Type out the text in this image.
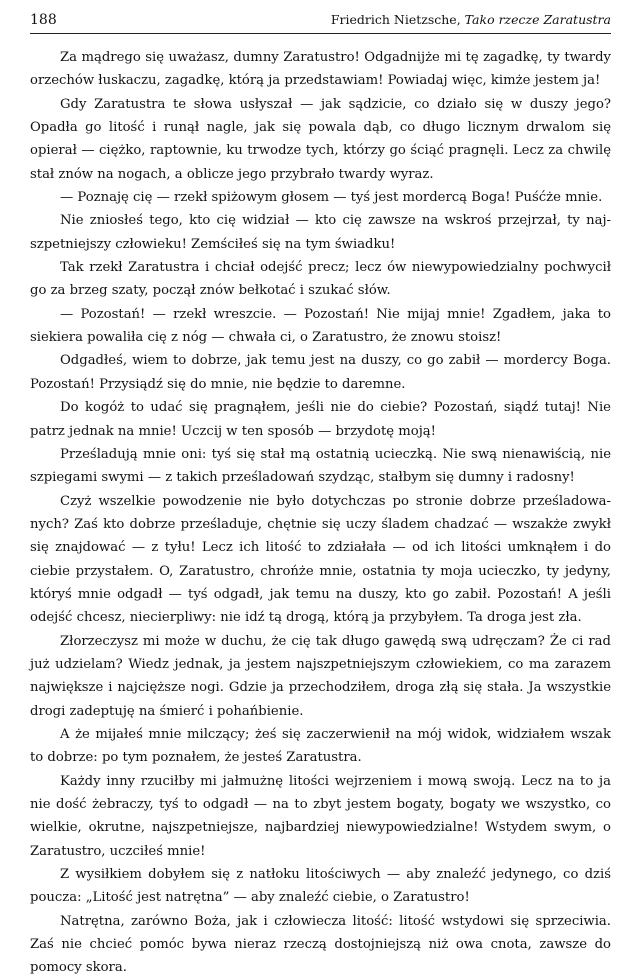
188	Friedrich Nietzsche, Tako rzecze Zaratustra

Za mądrego się uważasz, dumny Zaratustro! Odgadnijże mi tę zagadkę, ty twardy orzechów łuskaczu, zagadkę, którą ja przedstawiam! Powiadaj więc, kimże jestem ja!

Gdy Zaratustra te słowa usłyszał — jak sądzicie, co działo się w duszy jego? Opadła go litość i runął nagle, jak się powala dąb, co długo licznym drwalom się opierał — ciężko, raptownie, ku trwodze tych, którzy go ściąć pragnęli. Lecz za chwilę stał znów na nogach, a oblicze jego przybrało twardy wyraz.

— Poznaję cię — rzekł spiżowym głosem — tyś jest mordercą Boga! Puśćże mnie.

Nie zniosłeś tego, kto cię widział — kto cię zawsze na wskroś przejrzał, ty najszpetniejszy człowieku! Zemściłeś się na tym świadku!

Tak rzekł Zaratustra i chciał odejść precz; lecz ów niewypowiedzialny pochwycił go za brzeg szaty, począł znów bełkotać i szukać słów.

— Pozostań! — rzekł wreszcie. — Pozostań! Nie mijaj mnie! Zgadłem, jaka to siekiera powaliła cię z nóg — chwała ci, o Zaratustro, że znowu stoisz!

Odgadłeś, wiem to dobrze, jak temu jest na duszy, co go zabił — mordercy Boga. Pozostań! Przysiądź się do mnie, nie będzie to daremne.

Do kogóż to udać się pragnąłem, jeśli nie do ciebie? Pozostań, siądź tutaj! Nie patrz jednak na mnie! Uczcij w ten sposób — brzydotę moją!

Prześladują mnie oni: tyś się stał mą ostatnią ucieczką. Nie swą nienawiścią, nie szpiegami swymi — z takich prześladowań szydząc, stałbym się dumny i radosny!

Czyż wszelkie powodzenie nie było dotychczas po stronie dobrze prześladowanych? Zaś kto dobrze prześladuje, chętnie się uczy śladem chadzać — wszakże zwykł się znajdować — z tyłu! Lecz ich litość to zdziałała — od ich litości umknąłem i do ciebie przystałem. O, Zaratustro, chrońże mnie, ostatnia ty moja ucieczko, ty jedyny, któryś mnie odgadł — tyś odgadł, jak temu na duszy, kto go zabił. Pozostań! A jeśli odejść chcesz, niecierpliwy: nie idź tą drogą, którą ja przybyłem. Ta droga jest zła.

Złorzeczysz mi może w duchu, że cię tak długo gawędą swą udręczam? Że ci rad już udzielam? Wiedz jednak, ja jestem najszpetniejszym człowiekiem, co ma zarazem największe i najcięższe nogi. Gdzie ja przechodziłem, droga złą się stała. Ja wszystkie drogi zadeptuję na śmierć i pohańbienie.

A że mijałeś mnie milczący; żeś się zaczerwienił na mój widok, widziałem wszak to dobrze: po tym poznałem, że jesteś Zaratustra.

Każdy inny rzuciłby mi jałmużnę litości wejrzeniem i mową swoją. Lecz na to ja nie dość żebraczy, tyś to odgadł — na to zbyt jestem bogaty, bogaty we wszystko, co wielkie, okrutne, najszpetniejsze, najbardziej niewypowiedzialne! Wstydem swym, o Zaratustro, uczciłeś mnie!

Z wysiłkiem dobyłem się z natłoku litościwych — aby znaleźć jedynego, co dziś poucza: „Litość jest natrętna” — aby znaleźć ciebie, o Zaratustro!

Natrętna, zarówno Boża, jak i człowiecza litość: litość wstydowi się sprzeciwia. Zaś nie chcieć pomóc bywa nieraz rzeczą dostojniejszą niż owa cnota, zawsze do pomocy skora.
